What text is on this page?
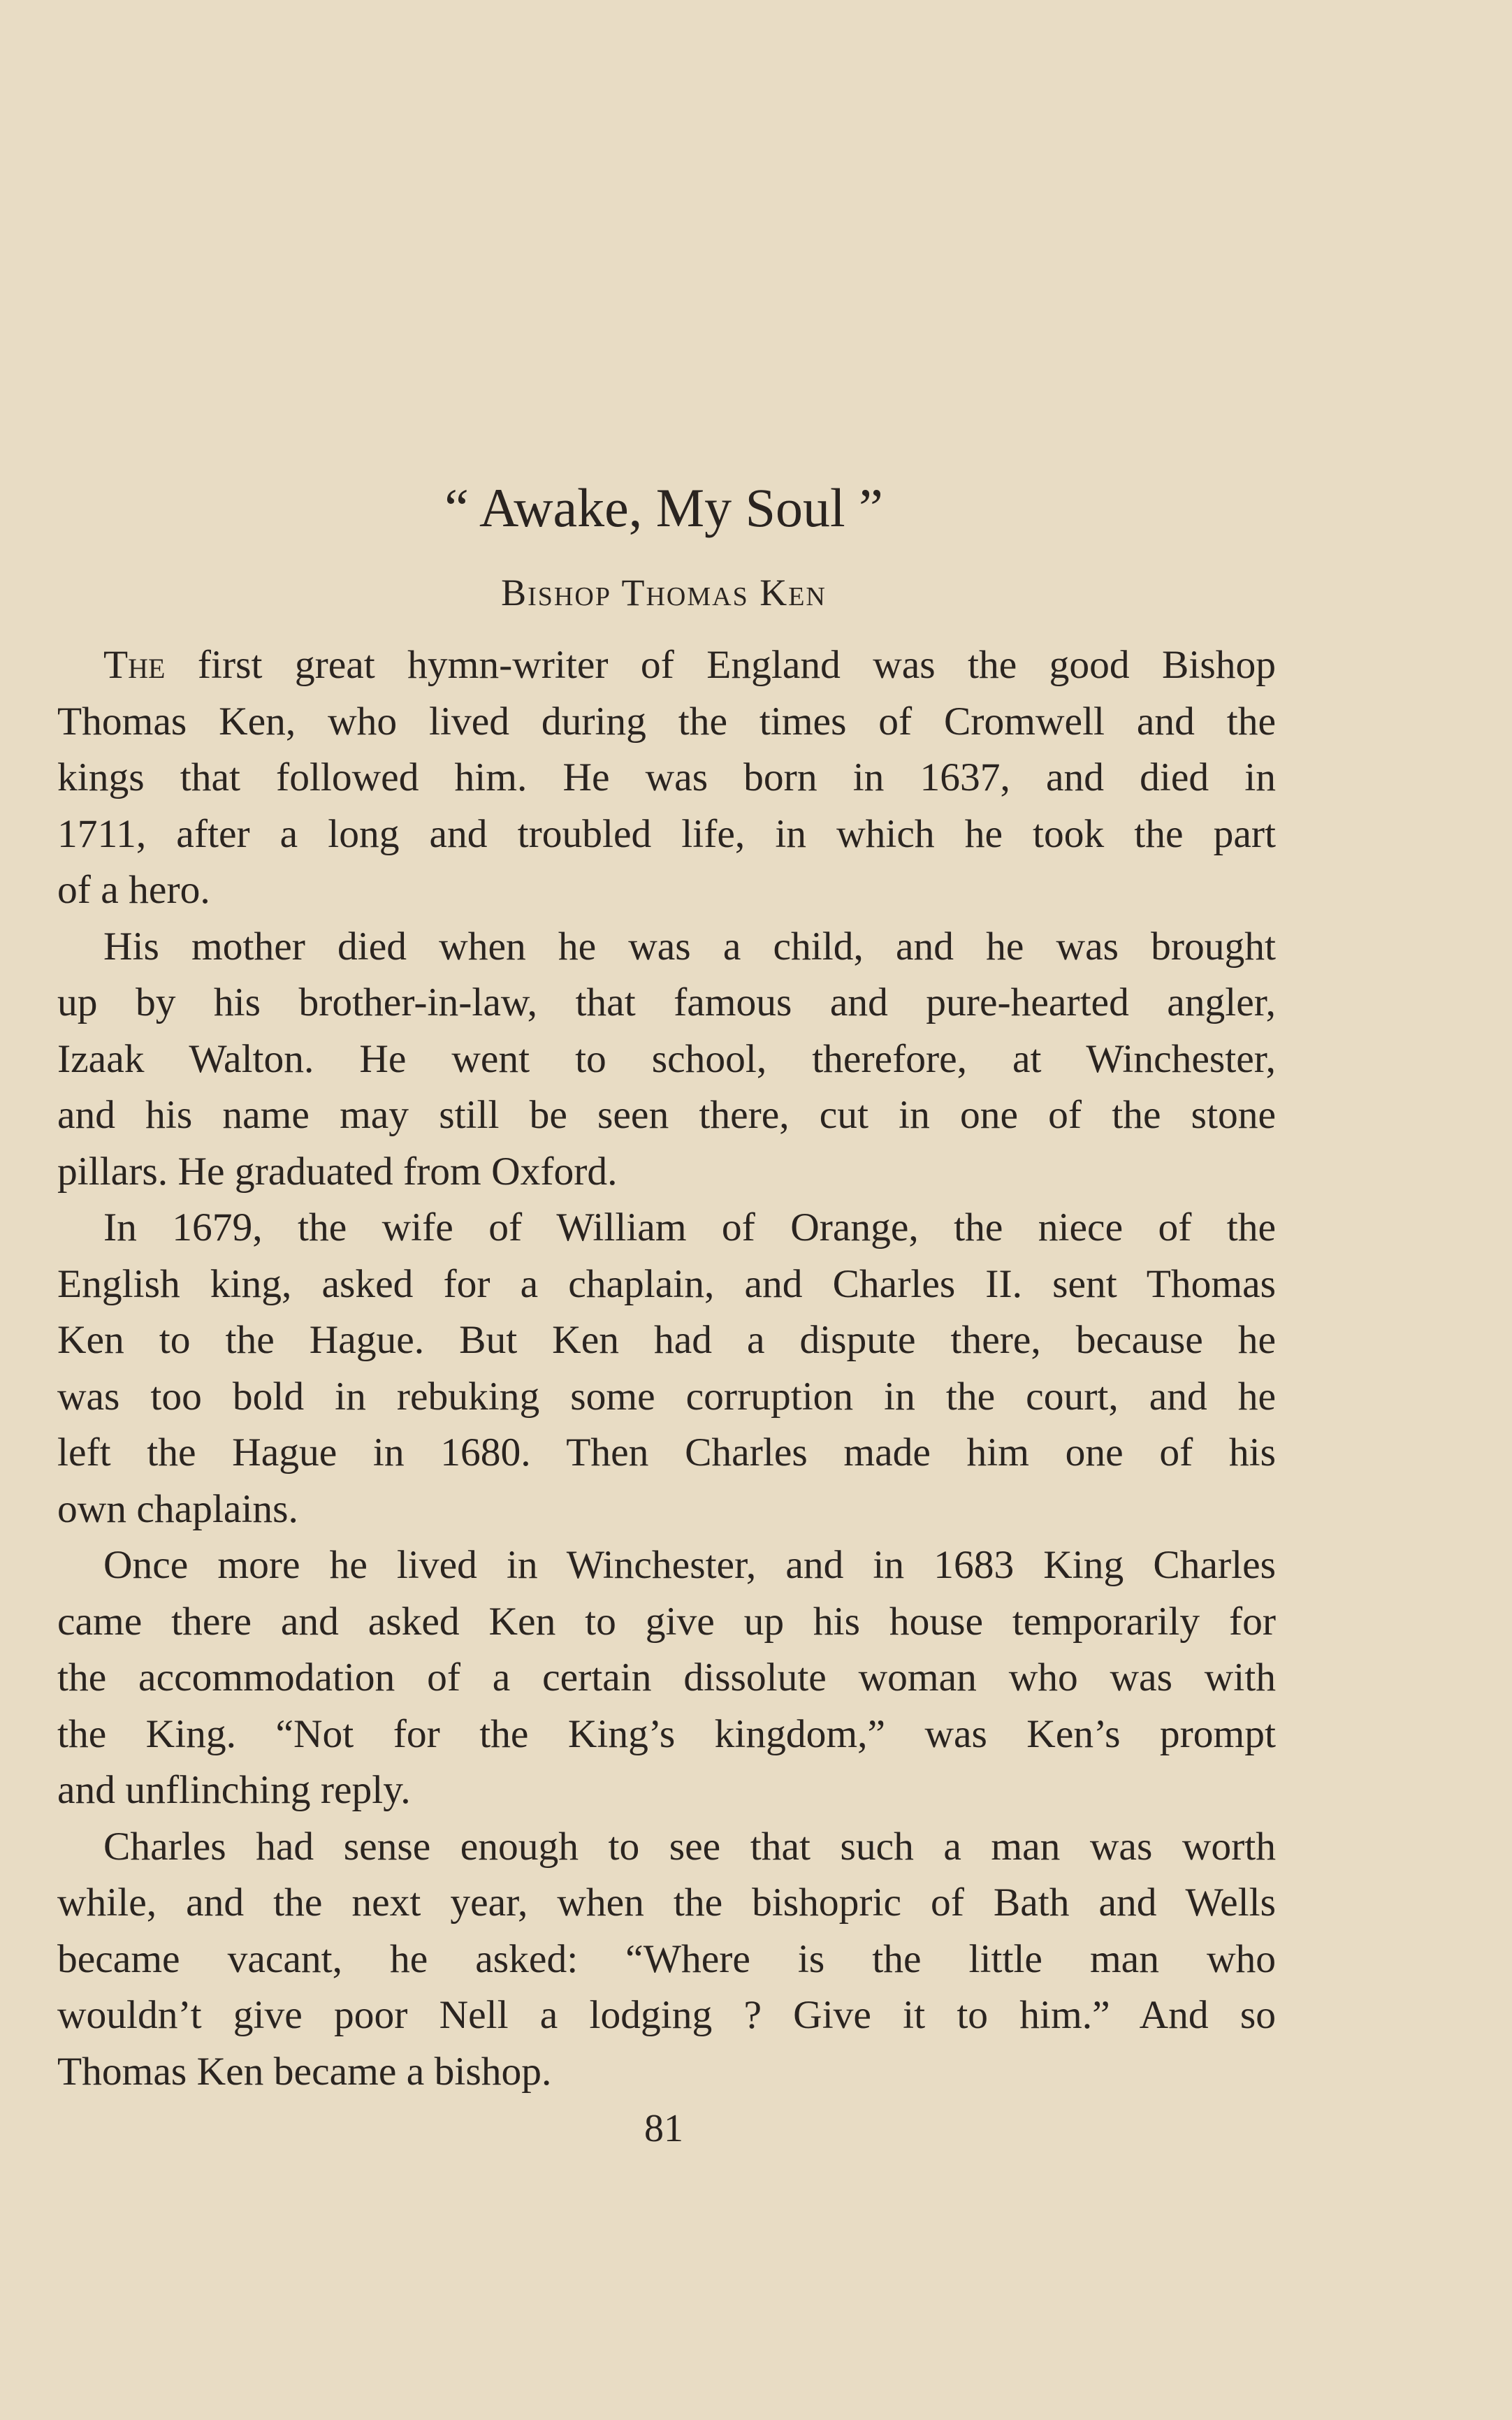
“ Awake, My Soul ”
Bishop Thomas Ken
The first great hymn-writer of England was the good Bishop
Thomas Ken, who lived during the times of Cromwell and the
kings that followed him. He was born in 1637, and died in
1711, after a long and troubled life, in which he took the part
of a hero.
His mother died when he was a child, and he was brought
up by his brother-in-law, that famous and pure-hearted angler,
Izaak Walton. He went to school, therefore, at Winchester,
and his name may still be seen there, cut in one of the stone
pillars. He graduated from Oxford.
In 1679, the wife of William of Orange, the niece of the
English king, asked for a chaplain, and Charles II. sent Thomas
Ken to the Hague. But Ken had a dispute there, because he
was too bold in rebuking some corruption in the court, and he
left the Hague in 1680. Then Charles made him one of his
own chaplains.
Once more he lived in Winchester, and in 1683 King Charles
came there and asked Ken to give up his house temporarily for
the accommodation of a certain dissolute woman who was with
the King. “Not for the King’s kingdom,” was Ken’s prompt
and unflinching reply.
Charles had sense enough to see that such a man was worth
while, and the next year, when the bishopric of Bath and Wells
became vacant, he asked: “Where is the little man who
wouldn’t give poor Nell a lodging ? Give it to him.” And so
Thomas Ken became a bishop.
81
